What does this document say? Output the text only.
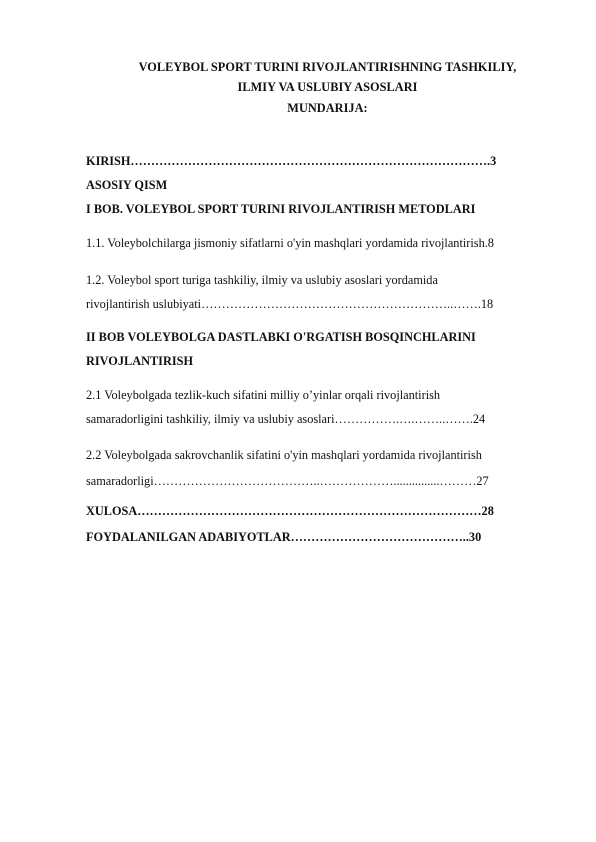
VOLEYBOL SPORT TURINI RIVOJLANTIRISHNING TASHKILIY,
ILMIY VA USLUBIY ASOSLARI
MUNDARIJA:
KIRISH…………………………………………………………………………….3
ASOSIY QISM
I BOB. VOLEYBOL SPORT TURINI RIVOJLANTIRISH METODLARI
1.1. Voleybolchilarga jismoniy sifatlarni o'yin mashqlari yordamida rivojlantirish.8
1.2. Voleybol sport turiga tashkiliy, ilmiy va uslubiy asoslari yordamida
rivojlantirish uslubiyati……………………………………………………..…….18
II BOB VOLEYBOLGA DASTLABKI O'RGATISH BOSQINCHLARINI
RIVOJLANTIRISH
2.1 Voleybolgada tezlik-kuch sifatini milliy o’yinlar orqali rivojlantirish
samaradorligini tashkiliy, ilmiy va uslubiy asoslari…………….….……..…….24
2.2 Voleybolgada sakrovchanlik sifatini o'yin mashqlari yordamida rivojlantirish
samaradorligi…………………………………..………………...............………27
XULOSA…………………………………………………………………………28
FOYDALANILGAN ADABIYOTLAR……………………………………..30
